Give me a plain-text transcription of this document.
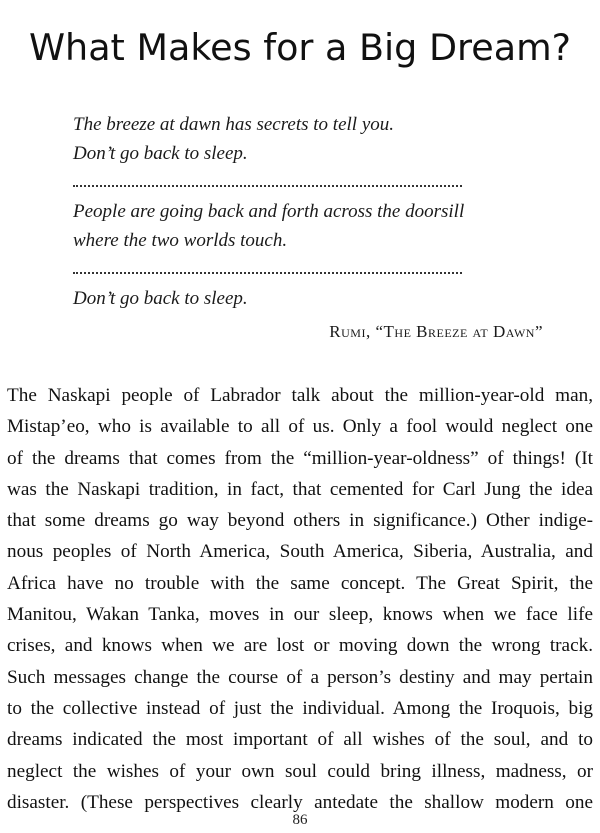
What Makes for a Big Dream?
The breeze at dawn has secrets to tell you.
Don’t go back to sleep.
People are going back and forth across the doorsill
where the two worlds touch.
Don’t go back to sleep.
Rumi, “The Breeze at Dawn”
The Naskapi people of Labrador talk about the million-year-old man,
Mistap’eo, who is available to all of us. Only a fool would neglect one
of the dreams that comes from the “million-year-oldness” of things! (It
was the Naskapi tradition, in fact, that cemented for Carl Jung the idea
that some dreams go way beyond others in significance.) Other indige-
nous peoples of North America, South America, Siberia, Australia, and
Africa have no trouble with the same concept. The Great Spirit, the
Manitou, Wakan Tanka, moves in our sleep, knows when we face life
crises, and knows when we are lost or moving down the wrong track.
Such messages change the course of a person’s destiny and may pertain
to the collective instead of just the individual. Among the Iroquois, big
dreams indicated the most important of all wishes of the soul, and to
neglect the wishes of your own soul could bring illness, madness, or
disaster. (These perspectives clearly antedate the shallow modern one
86
